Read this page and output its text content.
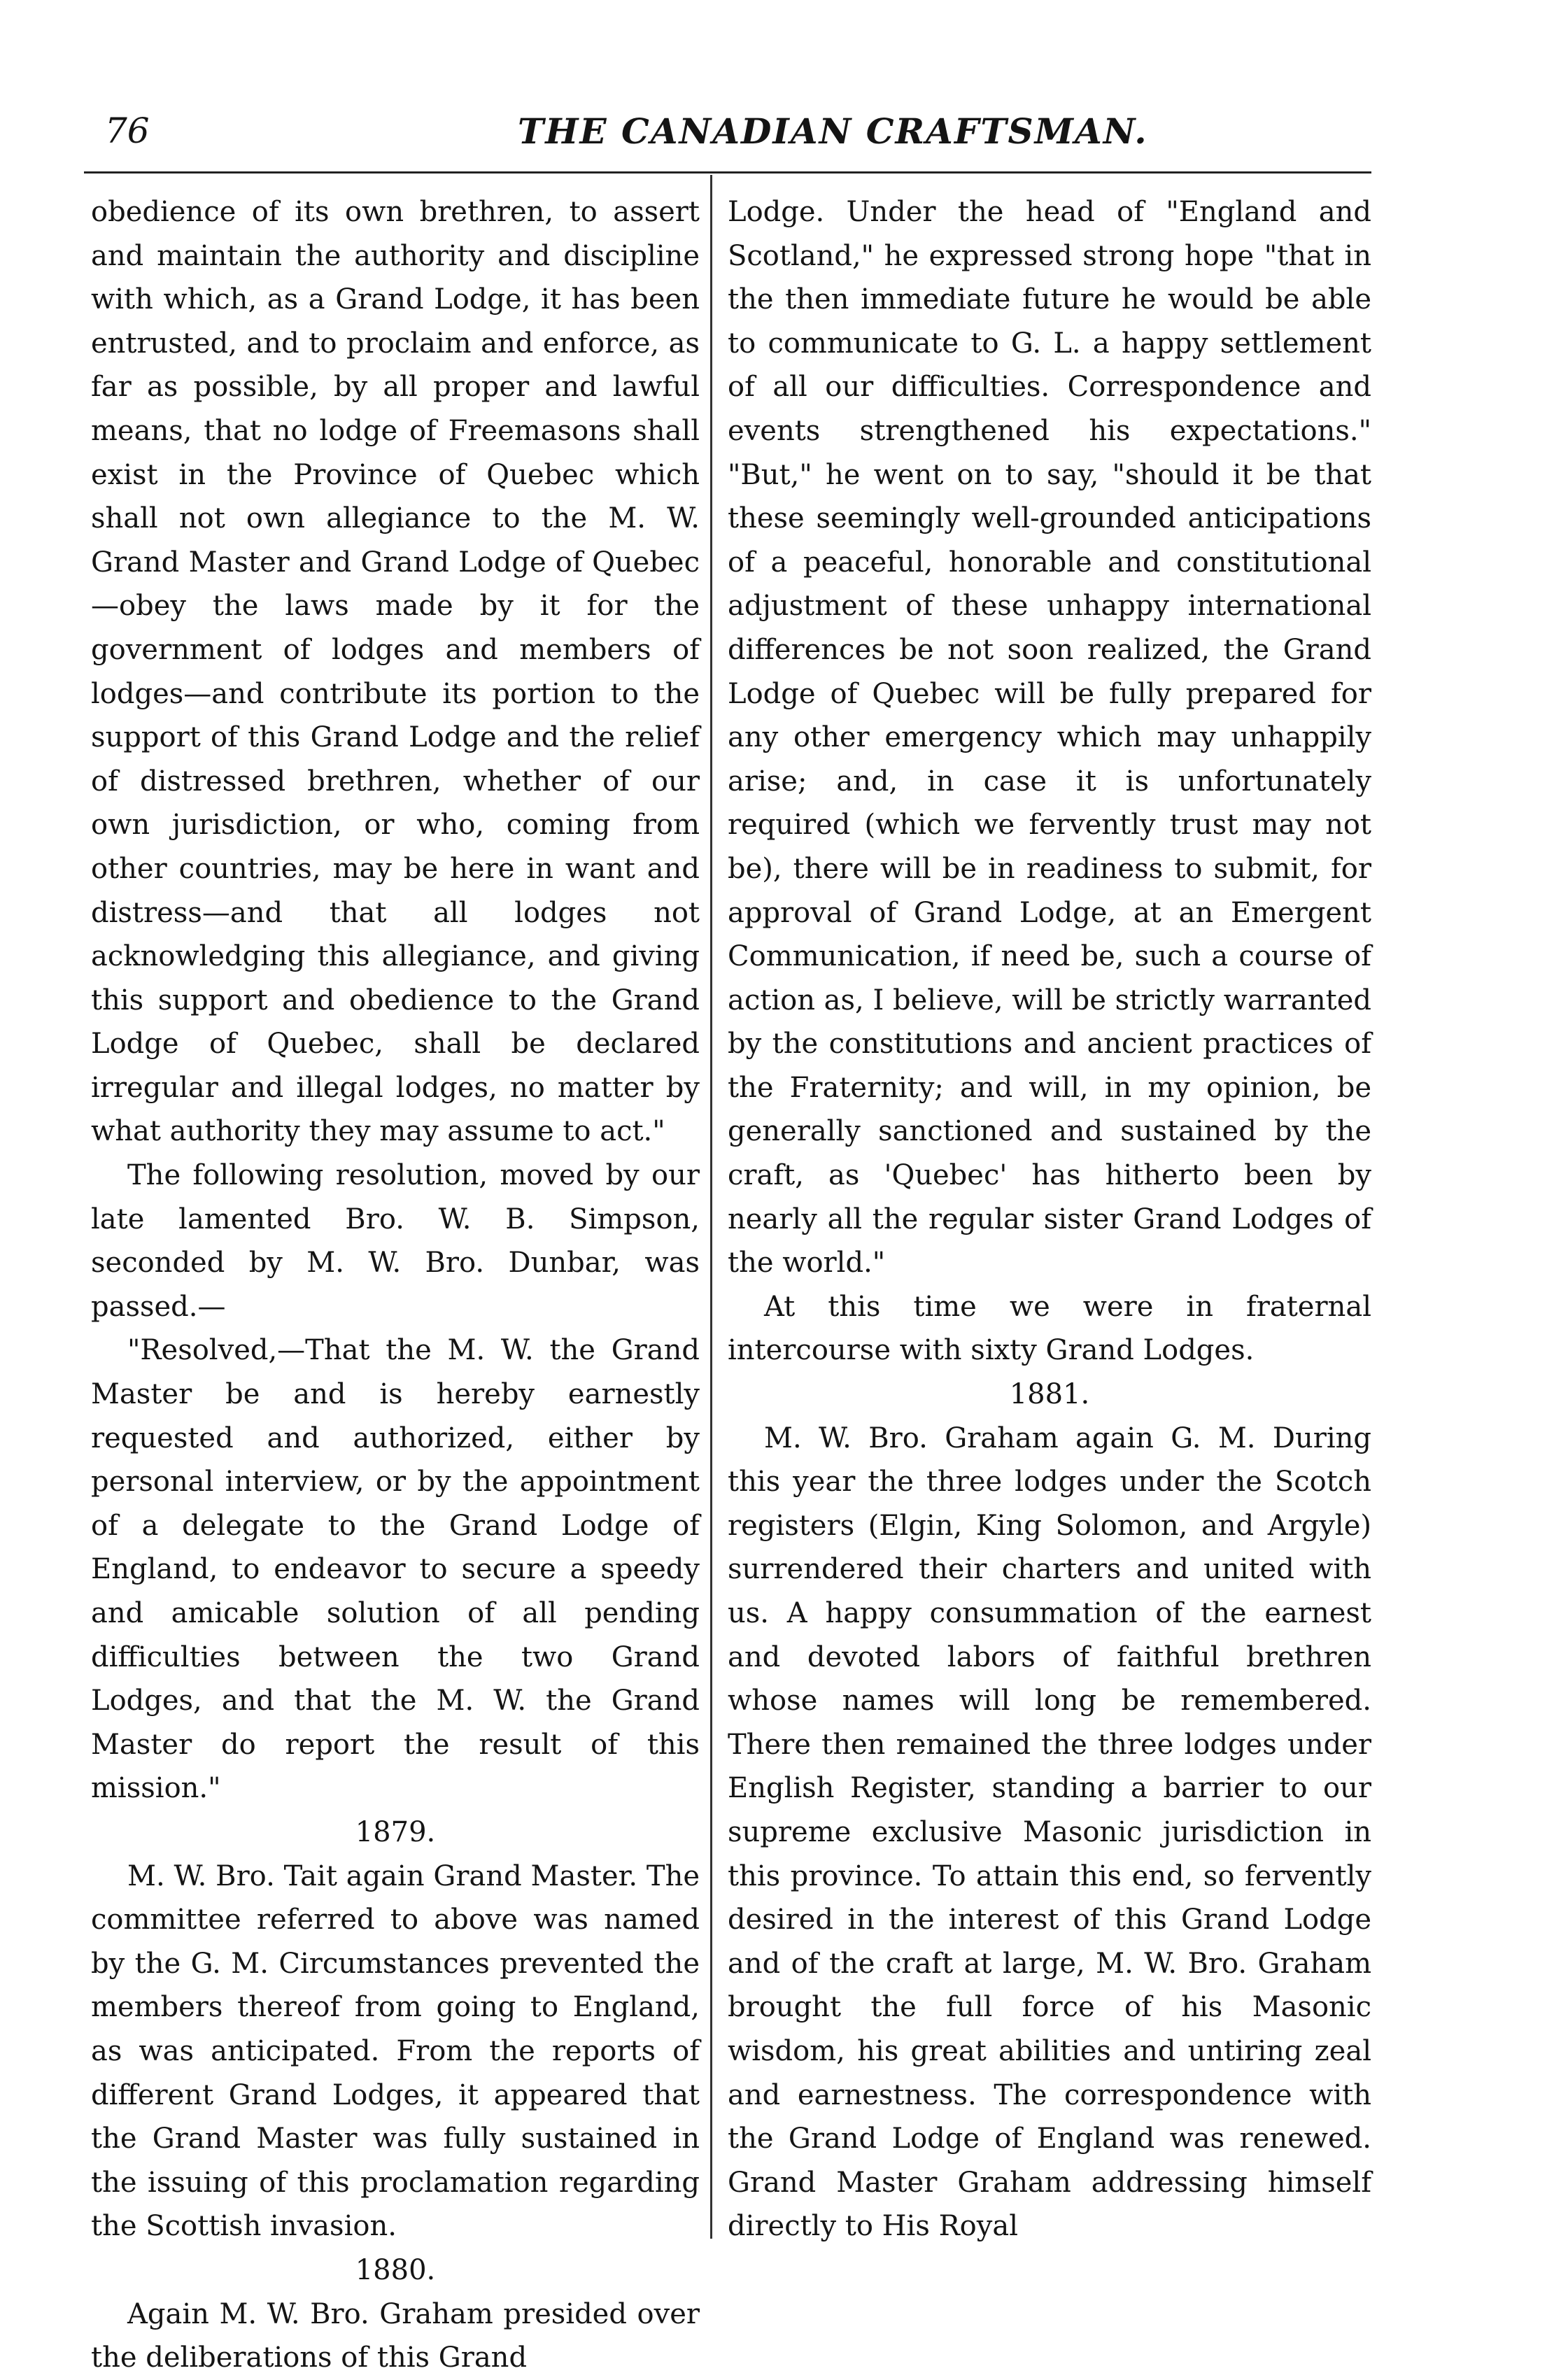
76	THE CANADIAN CRAFTSMAN.

obedience of its own brethren, to assert and maintain the authority and discipline with which, as a Grand Lodge, it has been entrusted, and to proclaim and enforce, as far as possible, by all proper and lawful means, that no lodge of Freemasons shall exist in the Province of Quebec which shall not own allegiance to the M. W. Grand Master and Grand Lodge of Quebec—obey the laws made by it for the government of lodges and members of lodges—and contribute its portion to the support of this Grand Lodge and the relief of distressed brethren, whether of our own jurisdiction, or who, coming from other countries, may be here in want and distress—and that all lodges not acknowledging this allegiance, and giving this support and obedience to the Grand Lodge of Quebec, shall be declared irregular and illegal lodges, no matter by what authority they may assume to act."

The following resolution, moved by our late lamented Bro. W. B. Simpson, seconded by M. W. Bro. Dunbar, was passed.—

"Resolved,—That the M. W. the Grand Master be and is hereby earnestly requested and authorized, either by personal interview, or by the appointment of a delegate to the Grand Lodge of England, to endeavor to secure a speedy and amicable solution of all pending difficulties between the two Grand Lodges, and that the M. W. the Grand Master do report the result of this mission."

1879.

M. W. Bro. Tait again Grand Master. The committee referred to above was named by the G. M. Circumstances prevented the members thereof from going to England, as was anticipated. From the reports of different Grand Lodges, it appeared that the Grand Master was fully sustained in the issuing of this proclamation regarding the Scottish invasion.

1880.

Again M. W. Bro. Graham presided over the deliberations of this Grand

Lodge. Under the head of "England and Scotland," he expressed strong hope "that in the then immediate future he would be able to communicate to G. L. a happy settlement of all our difficulties. Correspondence and events strengthened his expectations." "But," he went on to say, "should it be that these seemingly well-grounded anticipations of a peaceful, honorable and constitutional adjustment of these unhappy international differences be not soon realized, the Grand Lodge of Quebec will be fully prepared for any other emergency which may unhappily arise; and, in case it is unfortunately required (which we fervently trust may not be), there will be in readiness to submit, for approval of Grand Lodge, at an Emergent Communication, if need be, such a course of action as, I believe, will be strictly warranted by the constitutions and ancient practices of the Fraternity; and will, in my opinion, be generally sanctioned and sustained by the craft, as 'Quebec' has hitherto been by nearly all the regular sister Grand Lodges of the world."

At this time we were in fraternal intercourse with sixty Grand Lodges.

1881.

M. W. Bro. Graham again G. M. During this year the three lodges under the Scotch registers (Elgin, King Solomon, and Argyle) surrendered their charters and united with us. A happy consummation of the earnest and devoted labors of faithful brethren whose names will long be remembered. There then remained the three lodges under English Register, standing a barrier to our supreme exclusive Masonic jurisdiction in this province. To attain this end, so fervently desired in the interest of this Grand Lodge and of the craft at large, M. W. Bro. Graham brought the full force of his Masonic wisdom, his great abilities and untiring zeal and earnestness. The correspondence with the Grand Lodge of England was renewed. Grand Master Graham addressing himself directly to His Royal
